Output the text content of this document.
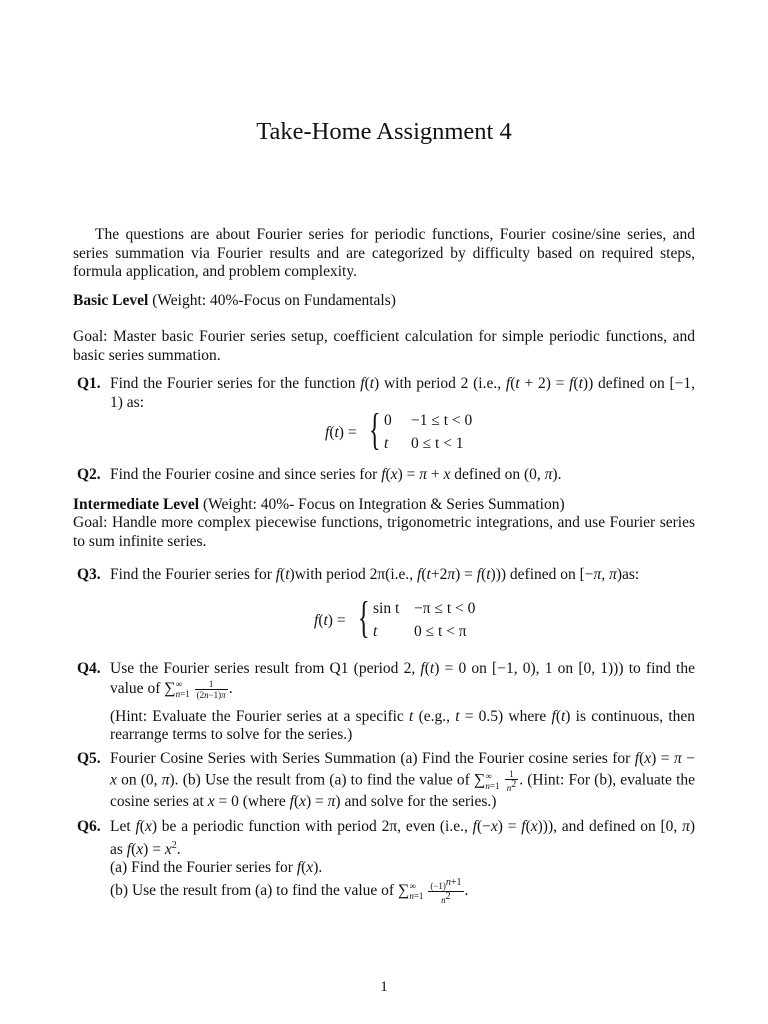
Take-Home Assignment 4
The questions are about Fourier series for periodic functions, Fourier cosine/sine series, and series summation via Fourier results and are categorized by difficulty based on required steps, formula application, and problem complexity.
Basic Level (Weight: 40%-Focus on Fundamentals)
Goal: Master basic Fourier series setup, coefficient calculation for simple periodic functions, and basic series summation.
Q1. Find the Fourier series for the function f(t) with period 2 (i.e., f(t + 2) = f(t)) defined on [−1, 1) as:
f(t) = { 0 −1 ≤ t < 0
t 0 ≤ t < 1
Q2. Find the Fourier cosine and since series for f(x) = π + x defined on (0, π).
Intermediate Level (Weight: 40%- Focus on Integration & Series Summation)
Goal: Handle more complex piecewise functions, trigonometric integrations, and use Fourier series to sum infinite series.
Q3. Find the Fourier series for f(t)with period 2π(i.e., f(t+2π) = f(t))) defined on [−π, π)as:
f(t) = { sin t −π ≤ t < 0
t 0 ≤ t < π
Q4. Use the Fourier series result from Q1 (period 2, f(t) = 0 on [−1, 0), 1 on [0, 1))) to find the value of ∑ ∞
n=1
$\frac{1}{(2n-1)\pi}$ .
(Hint: Evaluate the Fourier series at a specific t (e.g., t = 0.5) where f(t) is continuous, then rearrange terms to solve for the series.)
Q5. Fourier Cosine Series with Series Summation (a) Find the Fourier cosine series for f(x) = π − x on (0, π). (b) Use the result from (a) to find the value of ∑ ∞
n=1
$\frac{1}{n^2}$ . (Hint: For (b), evaluate the cosine series at x = 0 (where f(x) = π) and solve for the series.)
Q6. Let f(x) be a periodic function with period 2π, even (i.e., f(−x) = f(x))), and defined on [0, π) as $f(x) = x^2$.
(a) Find the Fourier series for f(x).
(b) Use the result from (a) to find the value of ∑ ∞
n=1
$\frac{(-1)^{n+1}}{n^2}$ .
1
